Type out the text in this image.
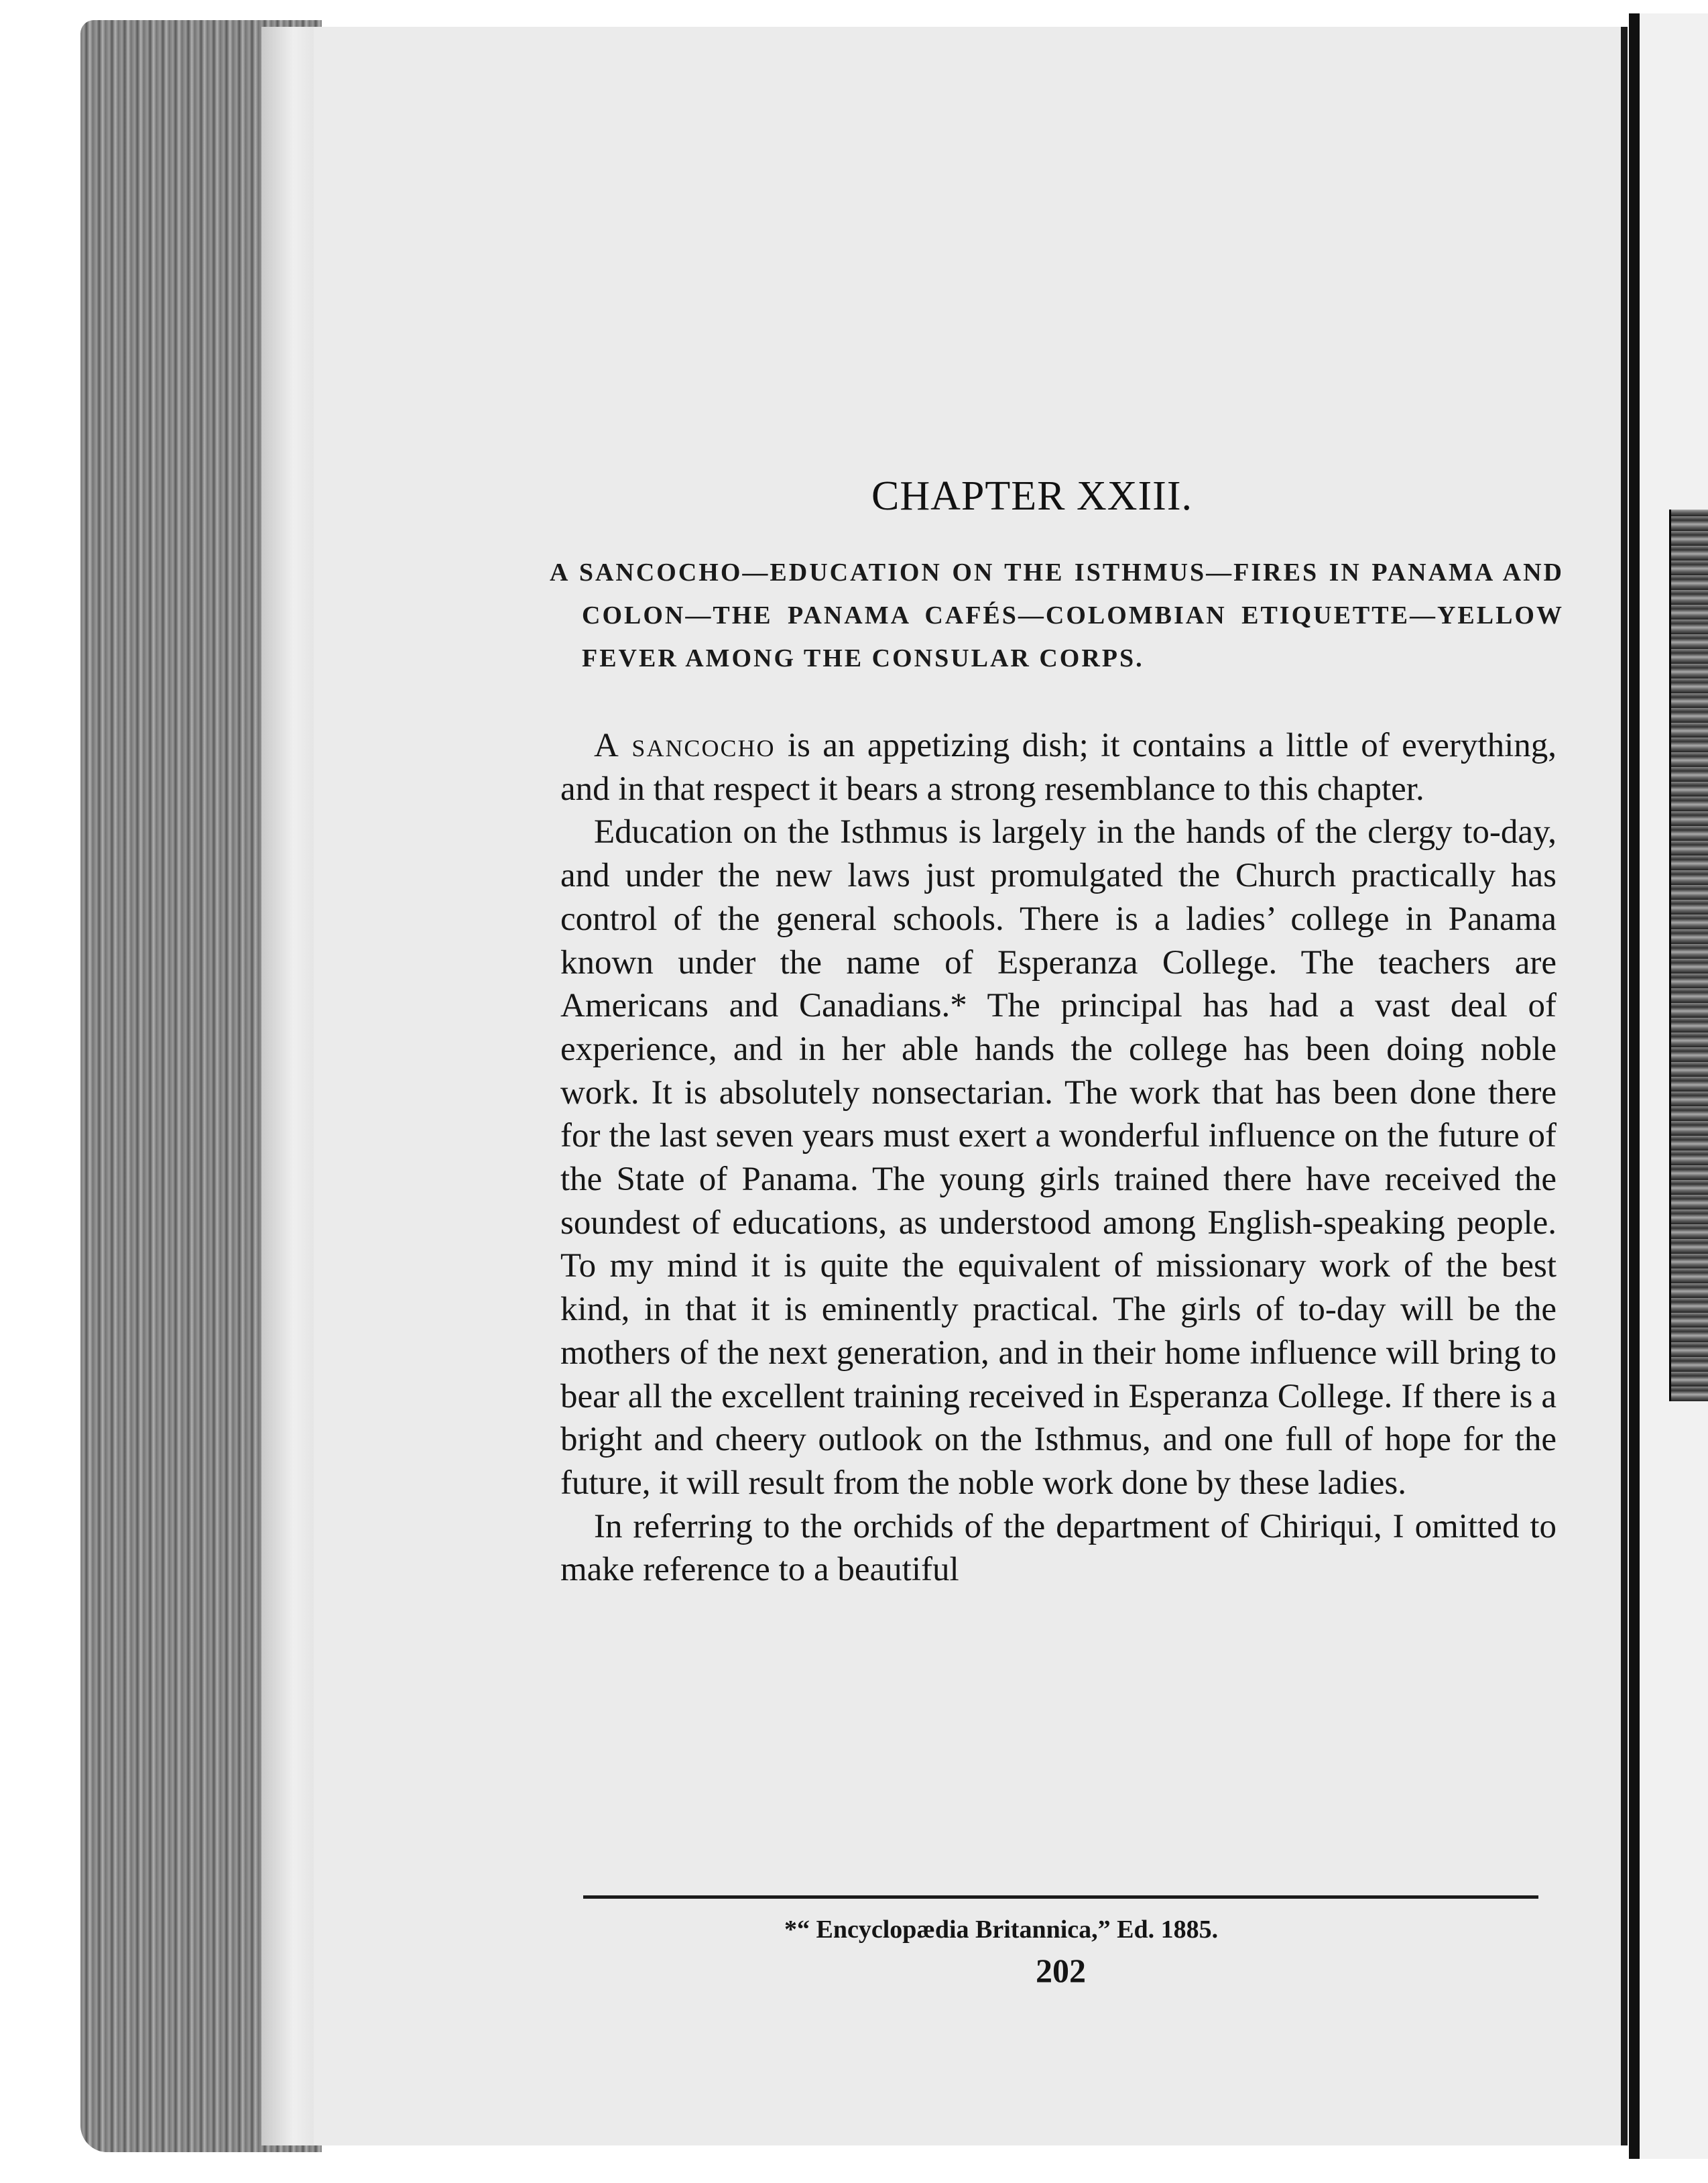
CHAPTER XXIII.
A SANCOCHO—EDUCATION ON THE ISTHMUS—FIRES IN PANAMA AND COLON—THE PANAMA CAFÉS—COLOMBIAN ETIQUETTE—YELLOW FEVER AMONG THE CONSULAR CORPS.

A sancocho is an appetizing dish; it contains a little of everything, and in that respect it bears a strong resemblance to this chapter.

Education on the Isthmus is largely in the hands of the clergy to-day, and under the new laws just promulgated the Church practically has control of the general schools. There is a ladies’ college in Panama known under the name of Esperanza College. The teachers are Americans and Canadians.* The principal has had a vast deal of experience, and in her able hands the college has been doing noble work. It is absolutely nonsectarian. The work that has been done there for the last seven years must exert a wonderful influence on the future of the State of Panama. The young girls trained there have received the soundest of educations, as understood among English-speaking people. To my mind it is quite the equivalent of missionary work of the best kind, in that it is eminently practical. The girls of to-day will be the mothers of the next generation, and in their home influence will bring to bear all the excellent training received in Esperanza College. If there is a bright and cheery outlook on the Isthmus, and one full of hope for the future, it will result from the noble work done by these ladies.

In referring to the orchids of the department of Chiriqui, I omitted to make reference to a beautiful

*“ Encyclopædia Britannica,” Ed. 1885.
202
